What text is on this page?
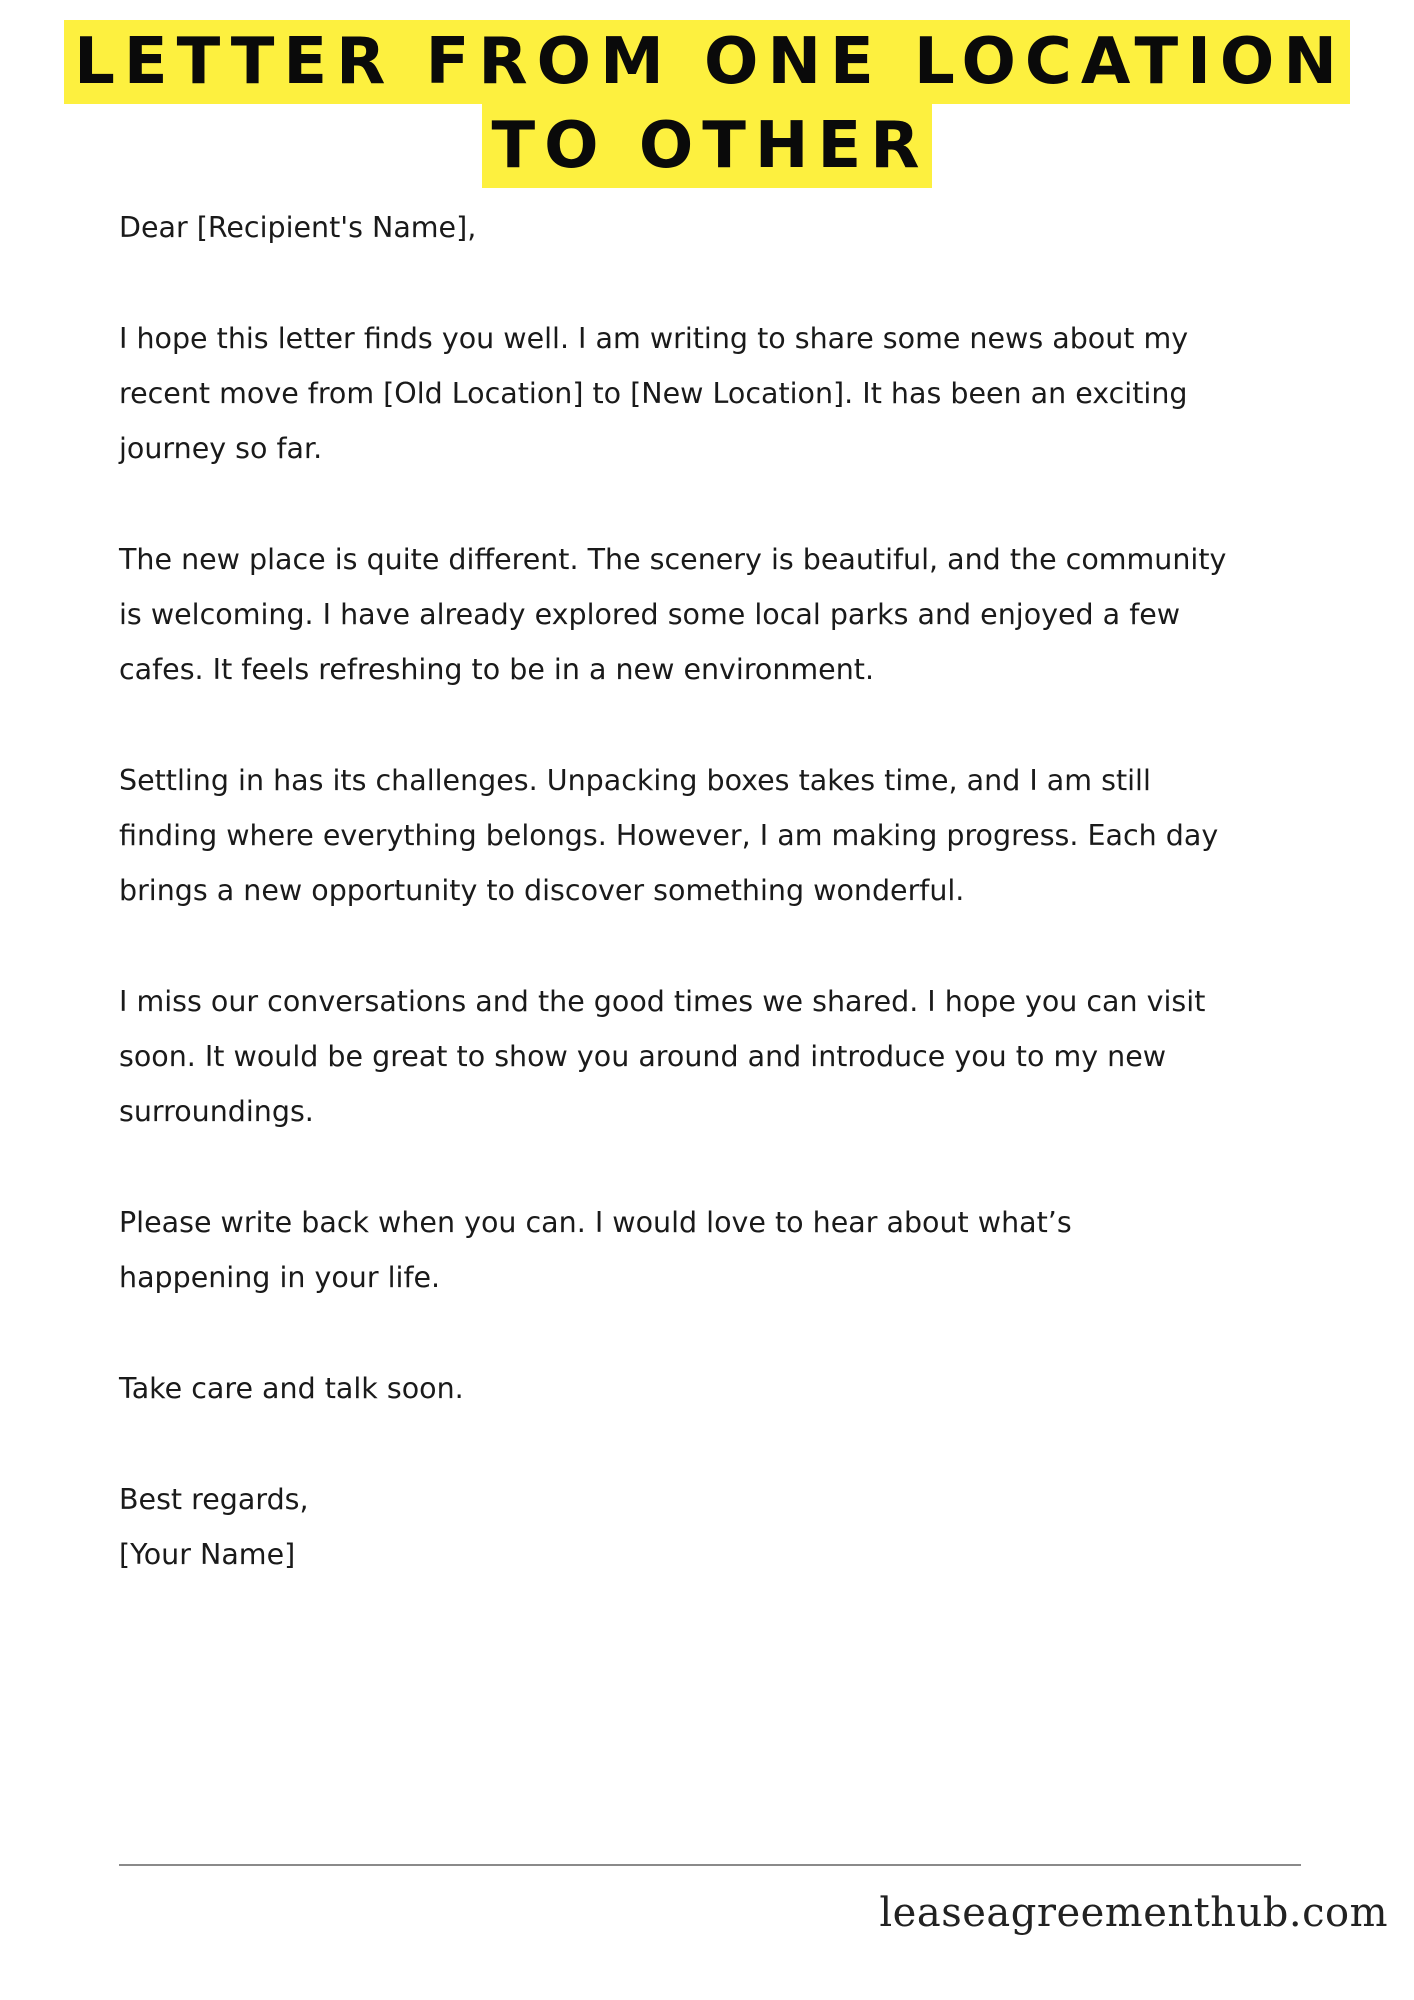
LETTER FROM ONE LOCATION
TO OTHER

Dear [Recipient's Name],

I hope this letter finds you well. I am writing to share some news about my
recent move from [Old Location] to [New Location]. It has been an exciting
journey so far.

The new place is quite different. The scenery is beautiful, and the community
is welcoming. I have already explored some local parks and enjoyed a few
cafes. It feels refreshing to be in a new environment.

Settling in has its challenges. Unpacking boxes takes time, and I am still
finding where everything belongs. However, I am making progress. Each day
brings a new opportunity to discover something wonderful.

I miss our conversations and the good times we shared. I hope you can visit
soon. It would be great to show you around and introduce you to my new
surroundings.

Please write back when you can. I would love to hear about what’s
happening in your life.

Take care and talk soon.

Best regards,

[Your Name]

leaseagreementhub.com
